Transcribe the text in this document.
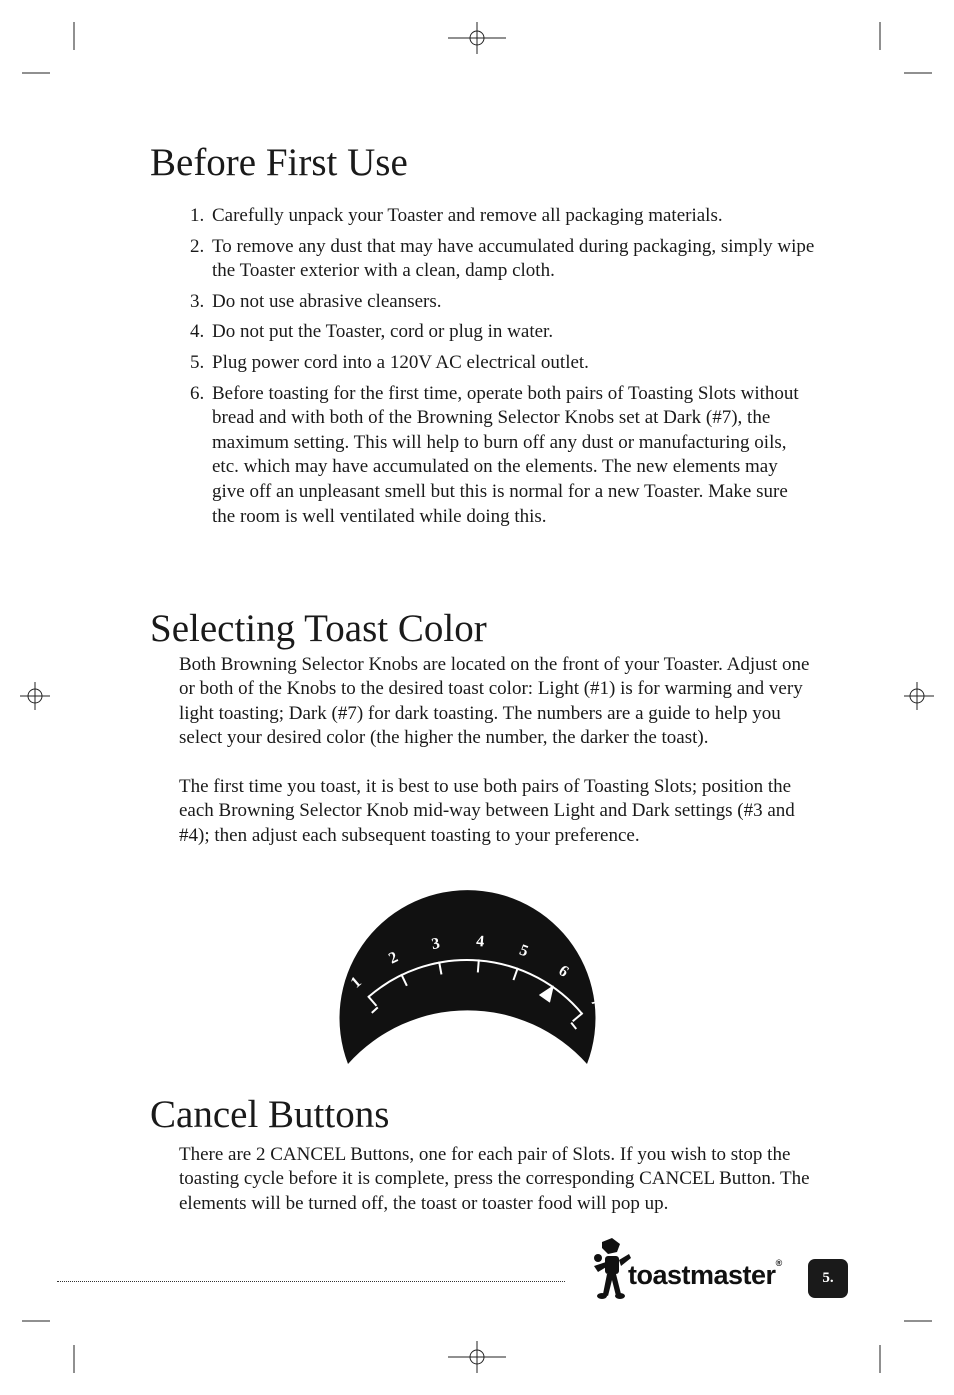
Before First Use
1. Carefully unpack your Toaster and remove all packaging materials.
2. To remove any dust that may have accumulated during packaging, simply wipe the Toaster exterior with a clean, damp cloth.
3. Do not use abrasive cleansers.
4. Do not put the Toaster, cord or plug in water.
5. Plug power cord into a 120V AC electrical outlet.
6. Before toasting for the first time, operate both pairs of Toasting Slots without bread and with both of the Browning Selector Knobs set at Dark (#7), the maximum setting. This will help to burn off any dust or manufacturing oils, etc. which may have accumulated on the elements. The new elements may give off an unpleasant smell but this is normal for a new Toaster. Make sure the room is well ventilated while doing this.
Selecting Toast Color

Both Browning Selector Knobs are located on the front of your Toaster. Adjust one or both of the Knobs to the desired toast color: Light (#1) is for warming and very light toasting; Dark (#7) for dark toasting. The numbers are a guide to help you select your desired color (the higher the number, the darker the toast).

The first time you toast, it is best to use both pairs of Toasting Slots; position the each Browning Selector Knob mid-way between Light and Dark settings (#3 and #4); then adjust each subsequent toasting to your preference.

1
2
3 4 5
6
7
Cancel Buttons

There are 2 CANCEL Buttons, one for each pair of Slots. If you wish to stop the toasting cycle before it is complete, press the corresponding CANCEL Button. The elements will be turned off, the toast or toaster food will pop up.

toastmaster®
5.
